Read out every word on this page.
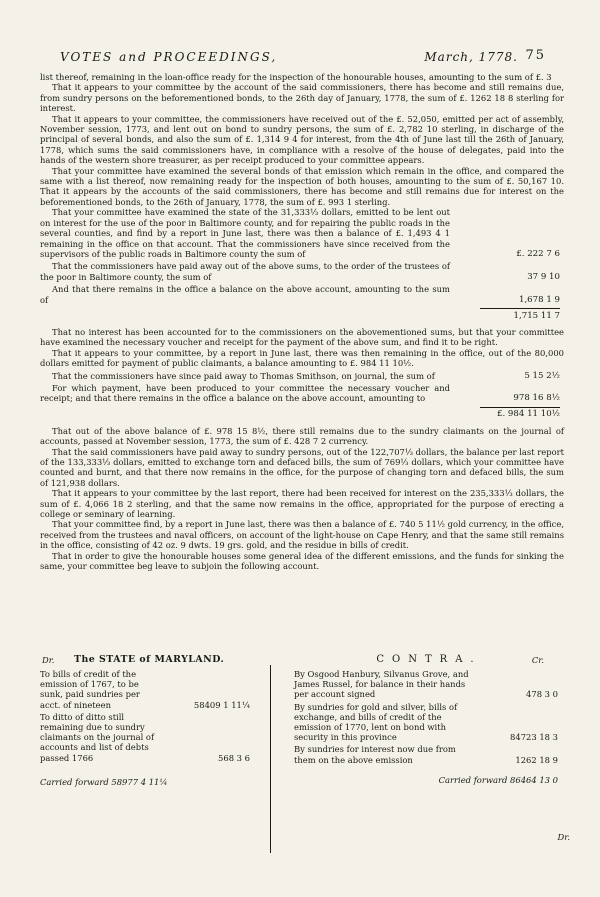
VOTES and PROCEEDINGS,	March, 1778. 75

list thereof, remaining in the loan-office ready for the inspection of the honourable houses, amounting to the sum of £. 3

That it appears to your committee by the account of the said commissioners, there has become and still remains due, from sundry persons on the beforementioned bonds, to the 26th day of January, 1778, the sum of £. 1262 18 8 sterling for interest.

That it appears to your committee, the commissioners have received out of the £. 52,050, emitted per act of assembly, November session, 1773, and lent out on bond to sundry persons, the sum of £. 2,782 10 sterling, in discharge of the principal of several bonds, and also the sum of £. 1,314 9 4 for interest, from the 4th of June last till the 26th of January, 1778, which sums the said commissioners have, in compliance with a resolve of the house of delegates, paid into the hands of the western shore treasurer, as per receipt produced to your committee appears.

That your committee have examined the several bonds of that emission which remain in the office, and compared the same with a list thereof, now remaining ready for the inspection of both houses, amounting to the sum of £. 50,167 10. That it appears by the accounts of the said commissioners, there has become and still remains due for interest on the beforementioned bonds, to the 26th of January, 1778, the sum of £. 993 1 sterling.

That your committee have examined the state of the 31,333⅓ dollars, emitted to be lent out on interest for the use of the poor in Baltimore county, and for repairing the public roads in the several counties, and find by a report in June last, there was then a balance of £. 1,493 4 1 remaining in the office on that account. That the commissioners have since received from the supervisors of the public roads in Baltimore county the sum of	£. 222 7 6
That the commissioners have paid away out of the above sums, to the order of the trustees of the poor in Baltimore county, the sum of	37 9 10
And that there remains in the office a balance on the above account, amounting to the sum of	1,678 1 9
1,715 11 7

That no interest has been accounted for to the commissioners on the abovementioned sums, but that your committee have examined the necessary voucher and receipt for the payment of the above sum, and find it to be right.

That it appears to your committee, by a report in June last, there was then remaining in the office, out of the 80,000 dollars emitted for payment of public claimants, a balance amounting to £. 984 11 10½.

That the commissioners have since paid away to Thomas Smithson, on journal, the sum of	5 15 2½
For which payment, have been produced to your committee the necessary voucher and receipt; and that there remains in the office a balance on the above account, amounting to	978 16 8½
£. 984 11 10½

That out of the above balance of £. 978 15 8½, there still remains due to the sundry claimants on the journal of accounts, passed at November session, 1773, the sum of £. 428 7 2 currency.

That the said commissioners have paid away to sundry persons, out of the 122,707⅓ dollars, the balance per last report of the 133,333⅓ dollars, emitted to exchange torn and defaced bills, the sum of 769⅓ dollars, which your committee have counted and burnt, and that there now remains in the office, for the purpose of changing torn and defaced bills, the sum of 121,938 dollars.

That it appears to your committee by the last report, there had been received for interest on the 235,333⅓ dollars, the sum of £. 4,066 18 2 sterling, and that the same now remains in the office, appropriated for the purpose of erecting a college or seminary of learning.

That your committee find, by a report in June last, there was then a balance of £. 740 5 11½ gold currency, in the office, received from the trustees and naval officers, on account of the light-house on Cape Henry, and that the same still remains in the office, consisting of 42 oz. 9 dwts. 19 grs. gold, and the residue in bills of credit.

That in order to give the honourable houses some general idea of the different emissions, and the funds for sinking the same, your committee beg leave to subjoin the following account.

Dr. The STATE of MARYLAND.
To bills of credit of the emission of 1767, to be sunk, paid sundries per acct. of nineteen	58409 1 11¼
To ditto of ditto still remaining due to sundry claimants on the journal of accounts and list of debts passed 1766	568 3 6
Carried forward 58977 4 11¼
CONTRA.	Cr.
By Osgood Hanbury, Silvanus Grove, and James Russel, for balance in their hands per account signed	478 3 0
By sundries for gold and silver, bills of exchange, and bills of credit of the emission of 1770, lent on bond with security in this province	84723 18 3
By sundries for interest now due from them on the above emission	1262 18 9
Carried forward 86464 13 0
Dr.
